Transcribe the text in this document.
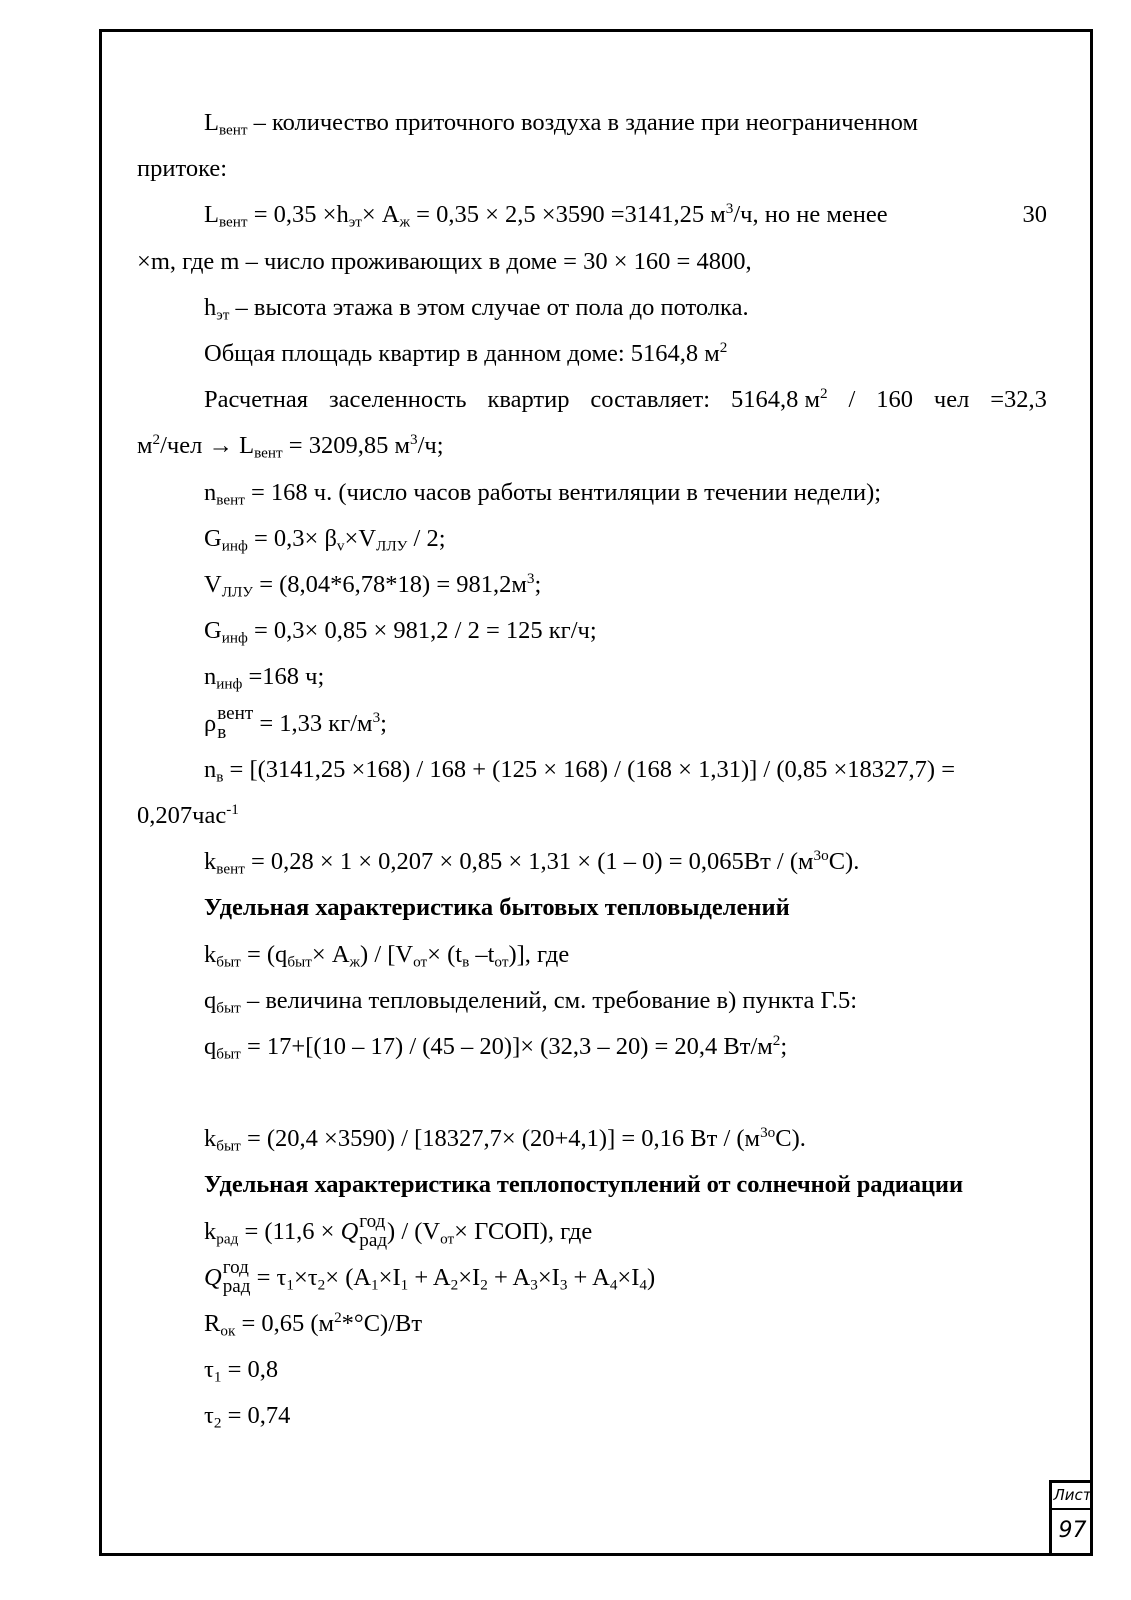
$L_{вент}$ – количество приточного воздуха в здание при неограниченном
притоке:
$L_{вент} = 0,35 \times h_{эт}\times A_ж = 0,35 \times 2,5 \times 3590 =3141,25$ $м^3/ч$, но не менее	30
×m, где m – число проживающих в доме = 30 × 160 = 4800,
$h_{эт}$ – высота этажа в этом случае от пола до потолка.
Общая площадь квартир в данном доме: 5164,8 $м^2$
Расчетная заселенность квартир составляет: 5164,8 $м^2 / 160$ чел =32,3
$м^2$/чел → $L_{вент} = 3209,85$ $м^3/ч$;
$n_{вент} = 168$ ч. (число часов работы вентиляции в течении недели);
$G_{инф} = 0,3\times \beta_v\times V_{ЛЛУ} / 2$;
$V_{ЛЛУ} = (8,04*6,78*18) = 981,2м^3$;
$G_{инф} = 0,3\times 0,85 \times 981,2 / 2 = 125$ кг/ч;
$n_{инф} =168$ ч;
ρ вент
в	= 1,33 $кг/м^3$;
$n_в = [(3141,25 \times 168) / 168 + (125 \times 168) / (168 \times 1,31)] / (0,85 \times 18327,7)$ =
0,207час$^{-1}$
$k_{вент} = 0,28 \times 1 \times 0,207 \times 0,85 \times 1,31 \times (1 - 0) = 0,065Вт / (м^{3о}С)$.
Удельная характеристика бытовых тепловыделений
$k_{быт} = (q_{быт}\times A_ж) / [V_{от}\times (t_в$ $-t_{от}$)], где
$q_{быт}$ – величина тепловыделений, см. требование в) пункта Г.5:
$q_{быт} = 17+[(10 - 17) / (45 - 20)]\times (32,3 - 20) = 20,4$ $Вт/м^2$;
$k_{быт} = (20,4 \times 3590) / [18327,7\times (20+4,1)] = 0,16$ Вт / $(м^{3о}С)$.
Удельная характеристика теплопоступлений от солнечной радиации
$k_{рад} = (11,6 \times Q$ год
рад ) / ($V_{от}\times$ ГСОП), где
Q год
рад = $\tau_1\times\tau_2\times (A_1\times I_1 + A_2\times I_2 + A_3\times I_3 + A_4\times I_4)$
$R_{ок} = 0,65$ $(м^2*^\circ C)/Вт$
$\tau_1 = 0,8$
$\tau_2 = 0,74$
Лист
97
